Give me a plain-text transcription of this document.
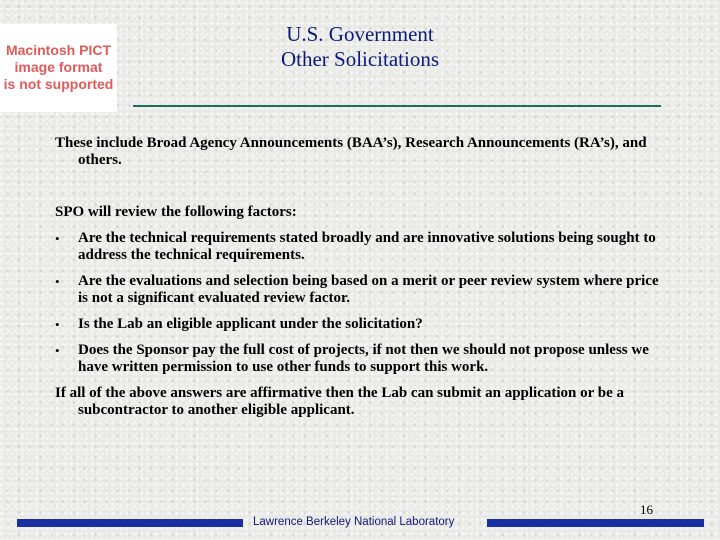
Macintosh PICT
image format
is not supported
U.S. Government
Other Solicitations

These include Broad Agency Announcements (BAA’s), Research Announcements (RA’s), and others.

SPO will review the following factors:

• Are the technical requirements stated broadly and are innovative solutions being sought to address the technical requirements.
• Are the evaluations and selection being based on a merit or peer review system where price is not a significant evaluated review factor.
• Is the Lab an eligible applicant under the solicitation?
• Does the Sponsor pay the full cost of projects, if not then we should not propose unless we have written permission to use other funds to support this work.

If all of the above answers are affirmative then the Lab can submit an application or be a subcontractor to another eligible applicant.

Lawrence Berkeley National Laboratory
16
